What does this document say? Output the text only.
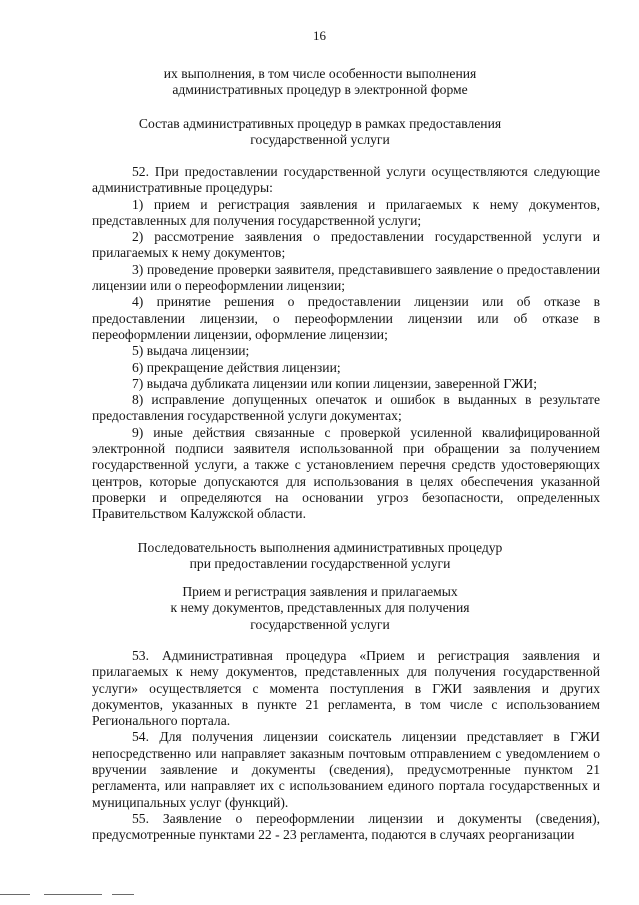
16
их выполнения, в том числе особенности выполнения
административных процедур в электронной форме
Состав административных процедур в рамках предоставления
государственной услуги

52. При предоставлении государственной услуги осуществляются следующие административные процедуры:

1) прием и регистрация заявления и прилагаемых к нему документов, представленных для получения государственной услуги;

2) рассмотрение заявления о предоставлении государственной услуги и прилагаемых к нему документов;

3) проведение проверки заявителя, представившего заявление о предоставлении лицензии или о переоформлении лицензии;

4) принятие решения о предоставлении лицензии или об отказе в предоставлении лицензии, о переоформлении лицензии или об отказе в переоформлении лицензии, оформление лицензии;

5) выдача лицензии;

6) прекращение действия лицензии;

7) выдача дубликата лицензии или копии лицензии, заверенной ГЖИ;

8) исправление допущенных опечаток и ошибок в выданных в результате предоставления государственной услуги документах;

9) иные действия связанные с проверкой усиленной квалифицированной электронной подписи заявителя использованной при обращении за получением государственной услуги, а также с установлением перечня средств удостоверяющих центров, которые допускаются для использования в целях обеспечения указанной проверки и определяются на основании угроз безопасности, определенных Правительством Калужской области.

Последовательность выполнения административных процедур
при предоставлении государственной услуги
Прием и регистрация заявления и прилагаемых
к нему документов, представленных для получения
государственной услуги

53. Административная процедура «Прием и регистрация заявления и прилагаемых к нему документов, представленных для получения государственной услуги» осуществляется с момента поступления в ГЖИ заявления и других документов, указанных в пункте 21 регламента, в том числе с использованием Регионального портала.

54. Для получения лицензии соискатель лицензии представляет в ГЖИ непосредственно или направляет заказным почтовым отправлением с уведомлением о вручении заявление и документы (сведения), предусмотренные пунктом 21 регламента, или направляет их с использованием единого портала государственных и муниципальных услуг (функций).

55. Заявление о переоформлении лицензии и документы (сведения), предусмотренные пунктами 22 - 23 регламента, подаются в случаях реорганизации
